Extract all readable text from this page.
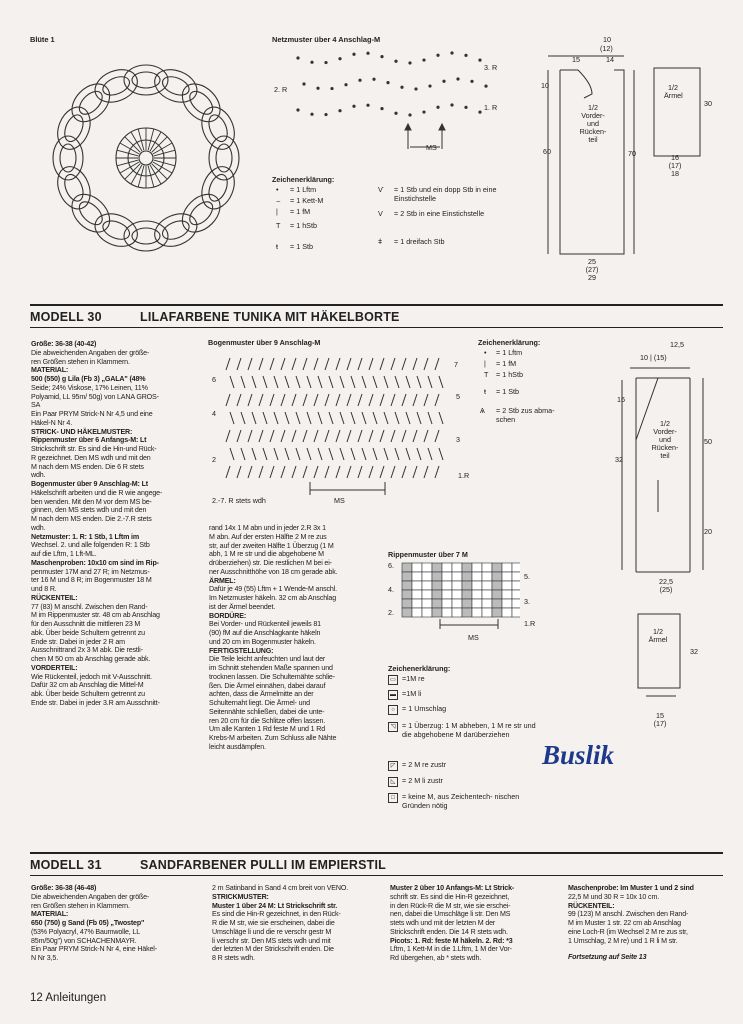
Blüte 1	Netzmuster über 4 Anschlag-M
3. R
2. R
1. R
MS
Zeichenerklärung:
• = 1 Lftm
⌢ = 1 Kett-M
| = 1 fM
T = 1 hStb
ŧ = 1 Stb
Ѵ = 1 Stb und ein dopp Stb in eine Einstichstelle
V = 2 Stb in eine Einstichstelle
ǂ = 1 dreifach Stb
10
(12)
15	14
10
60	70
1/2
Vorder-
und
Rücken-
teil
25
(27)
29
1/2
Ärmel
30
16
(17)
18
MODELL 30	LILAFARBENE TUNIKA MIT HÄKELBORTE

Größe: 36-38 (40-42)

Die abweichenden Angaben der größe-

ren Größen stehen in Klammern.

MATERIAL:

500 (550) g Lila (Fb 3) „GALA" (48%

Seide; 24% Viskose, 17% Leinen, 11%

Polyamid, LL 95m/ 50g) von LANA GROS-

SA

Ein Paar PRYM Strick-N Nr 4,5 und eine

Häkel-N Nr 4.

STRICK- UND HÄKELMUSTER:

Rippenmuster über 6 Anfangs-M: Lt

Strickschrift str. Es sind die Hin-und Rück-

R gezeichnet. Den MS wdh und mit den

M nach dem MS enden. Die 6 R stets

wdh.

Bogenmuster über 9 Anschlag-M: Lt

Häkelschrift arbeiten und die R wie angege-

ben wenden. Mit den M vor dem MS be-

ginnen, den MS stets wdh und mit den

M nach dem MS enden. Die 2.-7.R stets

wdh.

Netzmuster: 1. R: 1 Stb, 1 Lftm im

Wechsel. 2. und alle folgenden R: 1 Stb

auf die Lftm, 1 Lft-ML.

Maschenproben: 10x10 cm sind im Rip-

penmuster 17M and 27 R; im Netzmus-

ter 16 M und 8 R; im Bogenmuster 18 M

und 8 R.

RÜCKENTEIL:

77 (83) M anschl. Zwischen den Rand-

M im Rippenmuster str. 48 cm ab Anschlag

für den Ausschnitt die mittleren 23 M

abk. Über beide Schultern getrennt zu

Ende str. Dabei in jeder 2 R am

Ausschnittrand 2x 3 M abk. Die restli-

chen M 50 cm ab Anschlag gerade abk.

VORDERTEIL:

Wie Rückenteil, jedoch mit V-Ausschnitt.

Dafür 32 cm ab Anschlag die Mittel-M

abk. Über beide Schultern getrennt zu

Ende str. Dabei in jeder 3.R am Ausschnitt-

rand 14x 1 M abn und in jeder 2.R 3x 1

M abn. Auf der ersten Hälfte 2 M re zus

str, auf der zweiten Hälfte 1 Überzug (1 M

abh, 1 M re str und die abgehobene M

drüberziehen) str. Die restlichen M bei ei-

ner Ausschnitthöhe von 18 cm gerade abk.

ÄRMEL:

Dafür je 49 (55) Lftm + 1 Wende-M anschl.

Im Netzmuster häkeln. 32 cm ab Anschlag

ist der Ärmel beendet.

BORDÜRE:

Bei Vorder- und Rückenteil jeweils 81

(90) fM auf die Anschlagkante häkeln

und 20 cm im Bogenmuster häkeln.

FERTIGSTELLUNG:

Die Teile leicht anfeuchten und laut der

im Schnitt stehenden Maße spannen und

trocknen lassen. Die Schultemähte schlie-

ßen. Die Ärmel einnähen, dabei darauf

achten, dass die Ärmelmitte an der

Schulternaht liegt. Die Ärmel- und

Seitennähte schließen, dabei die unte-

ren 20 cm für die Schlitze offen lassen.

Um alle Kanten 1 Rd feste M und 1 Rd

Krebs-M arbeiten. Zum Schluss alle Nähte

leicht ausdämpfen.

Bogenmuster über 9 Anschlag-M
7
6
5
4
3
2
1.R
2.-7. R stets wdh	MS
Zeichenerklärung:
• = 1 Lftm
| = 1 fM
T = 1 hStb
ŧ = 1 Stb
Ѧ = 2 Stb zus abma- schen
Rippenmuster über 7 M
6.
5.
4.
3.
2.
1.R
MS
Zeichenerklärung:
▭ =1M re
▬ =1M li
○ = 1 Umschlag
◹ = 1 Überzug: 1 M abheben, 1 M re str und die abgehobene M darüberziehen
◸ = 2 M re zustr
◺ = 2 M li zustr
□ = keine M, aus Zeichentech- nischen Gründen nötig
12,5
10 | (15)
16
32
50
20
1/2
Vorder-
und
Rücken-
teil
22,5
(25)
1/2
Ärmel
32
15
(17)
Buslik
MODELL 31	SANDFARBENER PULLI IM EMPIERSTIL

Größe: 36-38 (46-48)

Die abweichenden Angaben der größe-

ren Größen stehen in Klammern.

MATERIAL:

650 (750) g Sand (Fb 05) „Twostep"

(53% Polyacryl, 47% Baumwolle, LL

85m/50g") von SCHACHENMAYR.

Ein Paar PRYM Strick-N Nr 4, eine Häkel-

N Nr 3,5.

2 m Satinband in Sand 4 cm breit von VENO.

STRICKMUSTER:

Muster 1 über 24 M: Lt Strickschrift str.

Es sind die Hin-R gezeichnet, in den Rück-

R die M str, wie sie erscheinen, dabei die

Umschläge li und die re verschr gestr M

li verschr str. Den MS stets wdh und mit

der letzten M der Strickschrift enden. Die

8 R stets wdh.

Muster 2 über 10 Anfangs-M: Lt Strick-

schrift str. Es sind die Hin-R gezeichnet,

in den Rück-R die M str, wie sie erschei-

nen, dabei die Umschläge li str. Den MS

stets wdh und mit der letzten M der

Strickschrift enden. Die 14 R stets wdh.

Picots: 1. Rd: feste M häkeln. 2. Rd: *3

Lftm, 1 Kett-M in die 1.Lftm, 1 M der Vor-

Rd übergehen, ab * stets wdh.

Maschenprobe: Im Muster 1 und 2 sind

22,5 M und 30 R = 10x 10 cm.

RÜCKENTEIL:

99 (123) M anschl. Zwischen den Rand-

M im Muster 1 str. 22 cm ab Anschlag

eine Loch-R (im Wechsel 2 M re zus str,

1 Umschlag, 2 M re) und 1 R li M str.

Fortsetzung auf Seite 13

12 Anleitungen
